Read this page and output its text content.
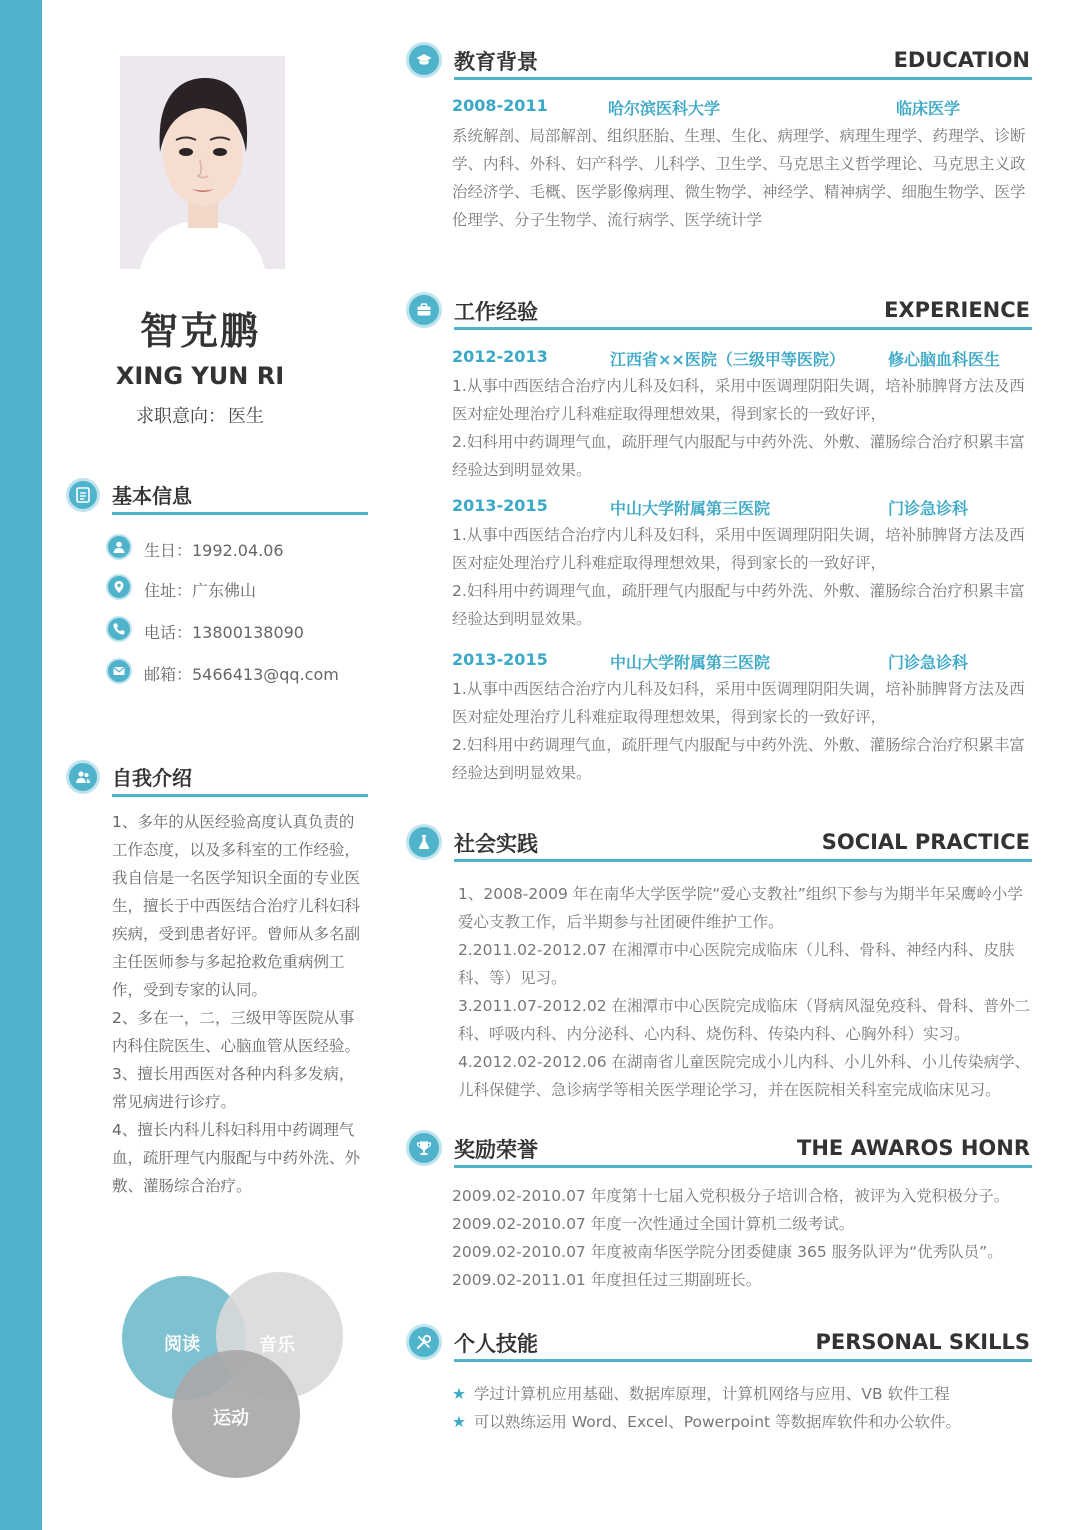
智克鹏
XING YUN RI
求职意向： 医生
基本信息
生日：1992.04.06
住址：广东佛山
电话：13800138090
邮箱：5466413@qq.com
自我介绍

1、多年的从医经验高度认真负责的工作态度，以及多科室的工作经验，我自信是一名医学知识全面的专业医生，擅长于中西医结合治疗儿科妇科疾病，受到患者好评。曾师从多名副主任医师参与多起抢救危重病例工作，受到专家的认同。

2、多在一，二，三级甲等医院从事内科住院医生、心脑血管从医经验。

3、擅长用西医对各种内科多发病，常见病进行诊疗。

4、擅长内科儿科妇科用中药调理气血，疏肝理气内服配与中药外洗、外敷、灌肠综合治疗。

阅读	音乐
运动
教育背景	EDUCATION
2008-2011	哈尔滨医科大学	临床医学

系统解剖、局部解剖、组织胚胎、生理、生化、病理学、病理生理学、药理学、诊断学、内科、外科、妇产科学、儿科学、卫生学、马克思主义哲学理论、马克思主义政治经济学、毛概、医学影像病理、微生物学、神经学、精神病学、细胞生物学、医学伦理学、分子生物学、流行病学、医学统计学

工作经验	EXPERIENCE
2012-2013	江西省××医院（三级甲等医院）	修心脑血科医生

1.从事中西医结合治疗内儿科及妇科，采用中医调理阴阳失调，培补肺脾肾方法及西医对症处理治疗儿科难症取得理想效果，得到家长的一致好评，

2.妇科用中药调理气血，疏肝理气内服配与中药外洗、外敷、灌肠综合治疗积累丰富经验达到明显效果。

2013-2015	中山大学附属第三医院	门诊急诊科

1.从事中西医结合治疗内儿科及妇科，采用中医调理阴阳失调，培补肺脾肾方法及西医对症处理治疗儿科难症取得理想效果，得到家长的一致好评，

2.妇科用中药调理气血，疏肝理气内服配与中药外洗、外敷、灌肠综合治疗积累丰富经验达到明显效果。

2013-2015	中山大学附属第三医院	门诊急诊科

1.从事中西医结合治疗内儿科及妇科，采用中医调理阴阳失调，培补肺脾肾方法及西医对症处理治疗儿科难症取得理想效果，得到家长的一致好评，

2.妇科用中药调理气血，疏肝理气内服配与中药外洗、外敷、灌肠综合治疗积累丰富经验达到明显效果。

社会实践	SOCIAL PRACTICE

1、2008-2009 年在南华大学医学院“爱心支教社”组织下参与为期半年呆鹰岭小学爱心支教工作，后半期参与社团硬件维护工作。

2.2011.02-2012.07 在湘潭市中心医院完成临床（儿科、骨科、神经内科、皮肤科、等）见习。

3.2011.07-2012.02 在湘潭市中心医院完成临床（肾病风湿免疫科、骨科、普外二科、呼吸内科、内分泌科、心内科、烧伤科、传染内科、心胸外科）实习。

4.2012.02-2012.06 在湖南省儿童医院完成小儿内科、小儿外科、小儿传染病学、儿科保健学、急诊病学等相关医学理论学习，并在医院相关科室完成临床见习。

奖励荣誉	THE AWAROS HONR

2009.02-2010.07 年度第十七届入党积极分子培训合格，被评为入党积极分子。

2009.02-2010.07 年度一次性通过全国计算机二级考试。

2009.02-2010.07 年度被南华医学院分团委健康 365 服务队评为“优秀队员”。

2009.02-2011.01 年度担任过三期副班长。

个人技能	PERSONAL SKILLS
★ 学过计算机应用基础、数据库原理，计算机网络与应用、VB 软件工程
★ 可以熟练运用 Word、Excel、Powerpoint 等数据库软件和办公软件。
